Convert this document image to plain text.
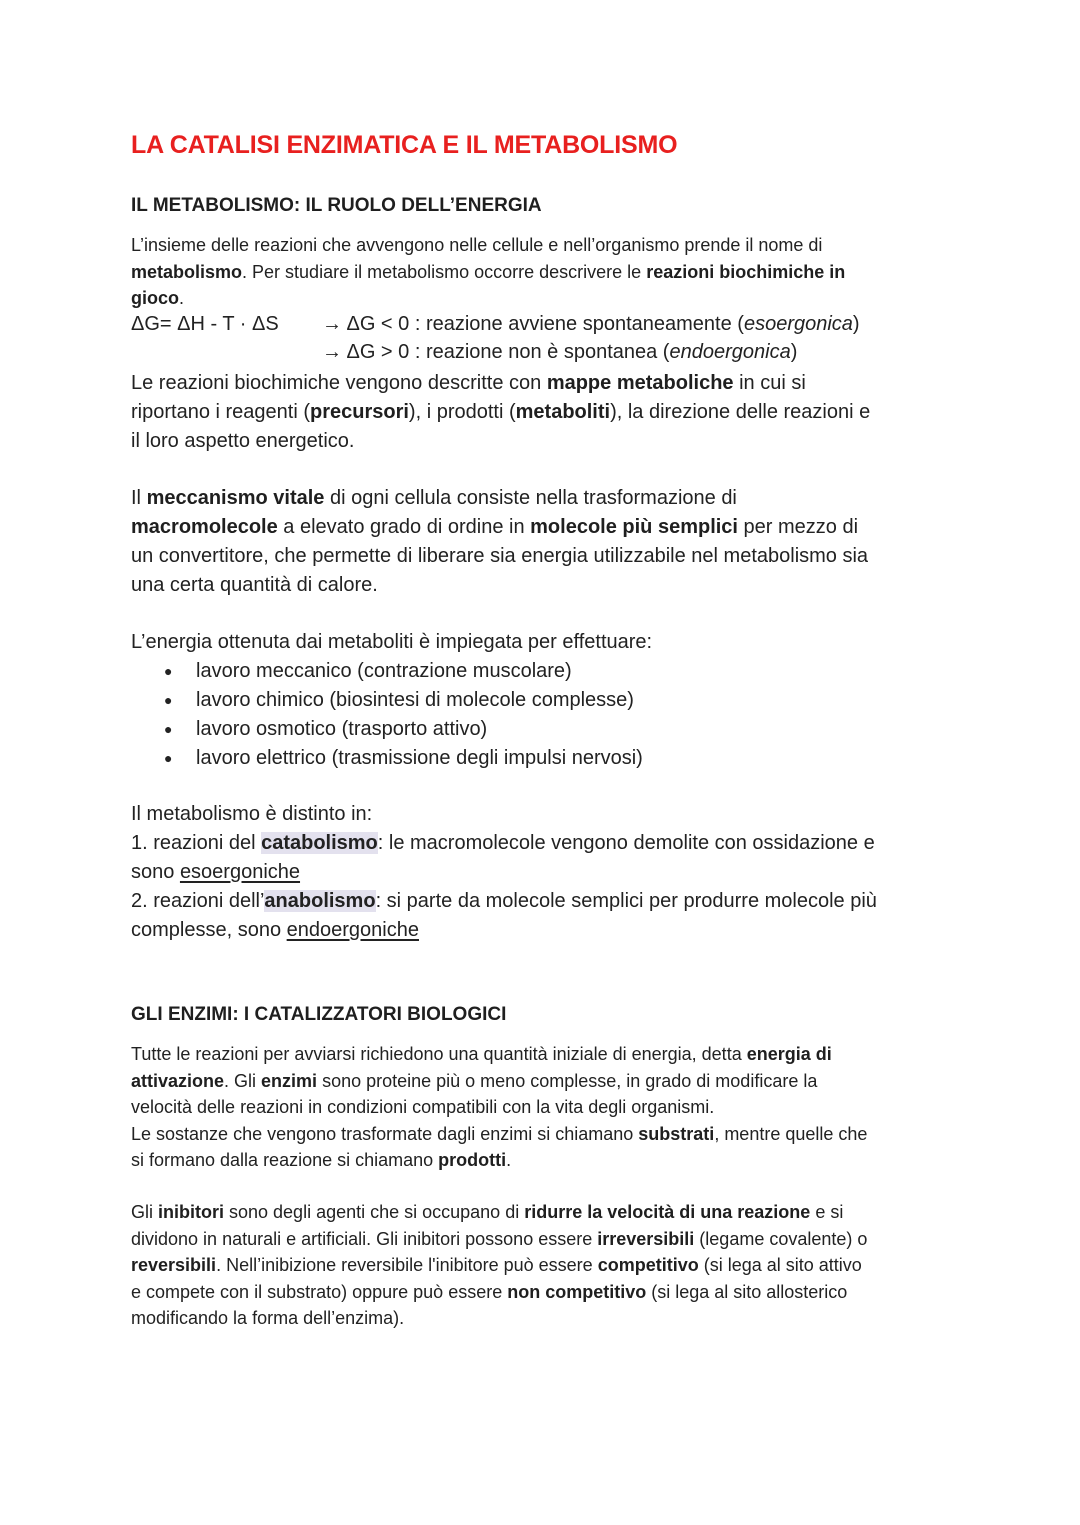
LA CATALISI ENZIMATICA E IL METABOLISMO
IL METABOLISMO: IL RUOLO DELL’ENERGIA
L’insieme delle reazioni che avvengono nelle cellule e nell’organismo prende il nome di
metabolismo. Per studiare il metabolismo occorre descrivere le reazioni biochimiche in
gioco.
ΔG= ΔH - T · ΔS → ΔG < 0 : reazione avviene spontaneamente (esoergonica)
→ ΔG > 0 : reazione non è spontanea (endoergonica)
Le reazioni biochimiche vengono descritte con mappe metaboliche in cui si
riportano i reagenti (precursori), i prodotti (metaboliti), la direzione delle reazioni e
il loro aspetto energetico.
Il meccanismo vitale di ogni cellula consiste nella trasformazione di
macromolecole a elevato grado di ordine in molecole più semplici per mezzo di
un convertitore, che permette di liberare sia energia utilizzabile nel metabolismo sia
una certa quantità di calore.
L’energia ottenuta dai metaboliti è impiegata per effettuare:
● lavoro meccanico (contrazione muscolare)
● lavoro chimico (biosintesi di molecole complesse)
● lavoro osmotico (trasporto attivo)
● lavoro elettrico (trasmissione degli impulsi nervosi)
Il metabolismo è distinto in:
1. reazioni del catabolismo: le macromolecole vengono demolite con ossidazione e
sono esoergoniche
2. reazioni dell’anabolismo: si parte da molecole semplici per produrre molecole più
complesse, sono endoergoniche
GLI ENZIMI: I CATALIZZATORI BIOLOGICI
Tutte le reazioni per avviarsi richiedono una quantità iniziale di energia, detta energia di
attivazione. Gli enzimi sono proteine più o meno complesse, in grado di modificare la
velocità delle reazioni in condizioni compatibili con la vita degli organismi.
Le sostanze che vengono trasformate dagli enzimi si chiamano substrati, mentre quelle che
si formano dalla reazione si chiamano prodotti.
Gli inibitori sono degli agenti che si occupano di ridurre la velocità di una reazione e si
dividono in naturali e artificiali. Gli inibitori possono essere irreversibili (legame covalente) o
reversibili. Nell’inibizione reversibile l'inibitore può essere competitivo (si lega al sito attivo
e compete con il substrato) oppure può essere non competitivo (si lega al sito allosterico
modificando la forma dell’enzima).
